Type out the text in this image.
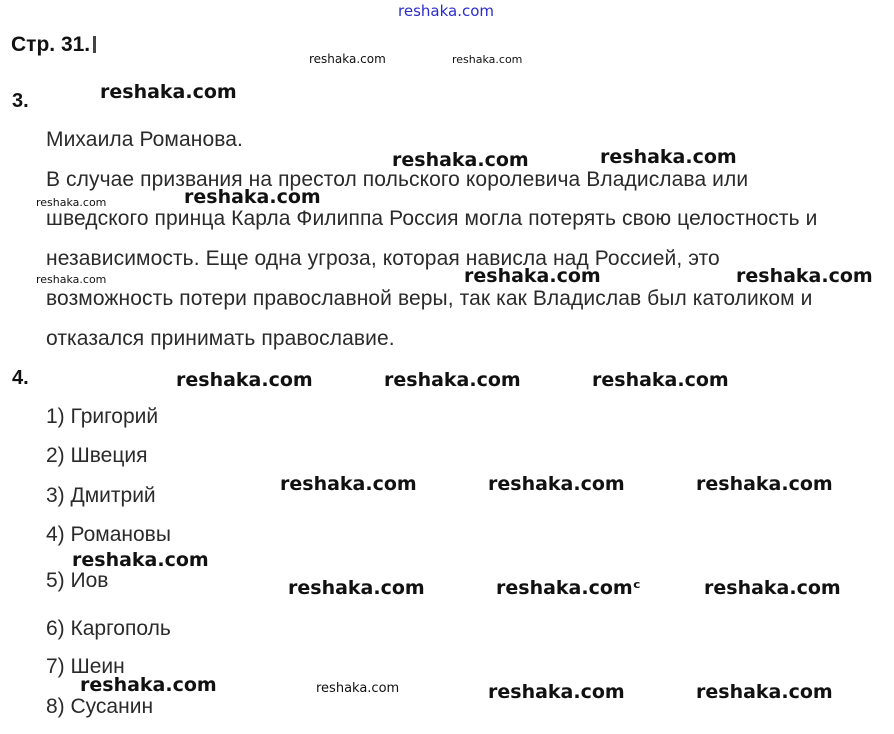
reshaka.com
Стр. 31.
3.
Михаила Романова.
В случае призвания на престол польского королевича Владислава или
шведского принца Карла Филиппа Россия могла потерять свою целостность и
независимость. Еще одна угроза, которая нависла над Россией, это
возможность потери православной веры, так как Владислав был католиком и
отказался принимать православие.
4.
1) Григорий
2) Швеция
3) Дмитрий
4) Романовы
5) Иов
6) Каргополь
7) Шеин
8) Сусанин
reshaka.com	reshaka.com
reshaka.com
reshaka.com	reshaka.com
reshaka.com	reshaka.com
reshaka.com	reshaka.com	reshaka.com
reshaka.com	reshaka.com	reshaka.com
reshaka.com	reshaka.com	reshaka.com
reshaka.com
reshaka.com	reshaka.comᶜ	reshaka.com
reshaka.com	reshaka.com	reshaka.com	reshaka.com
